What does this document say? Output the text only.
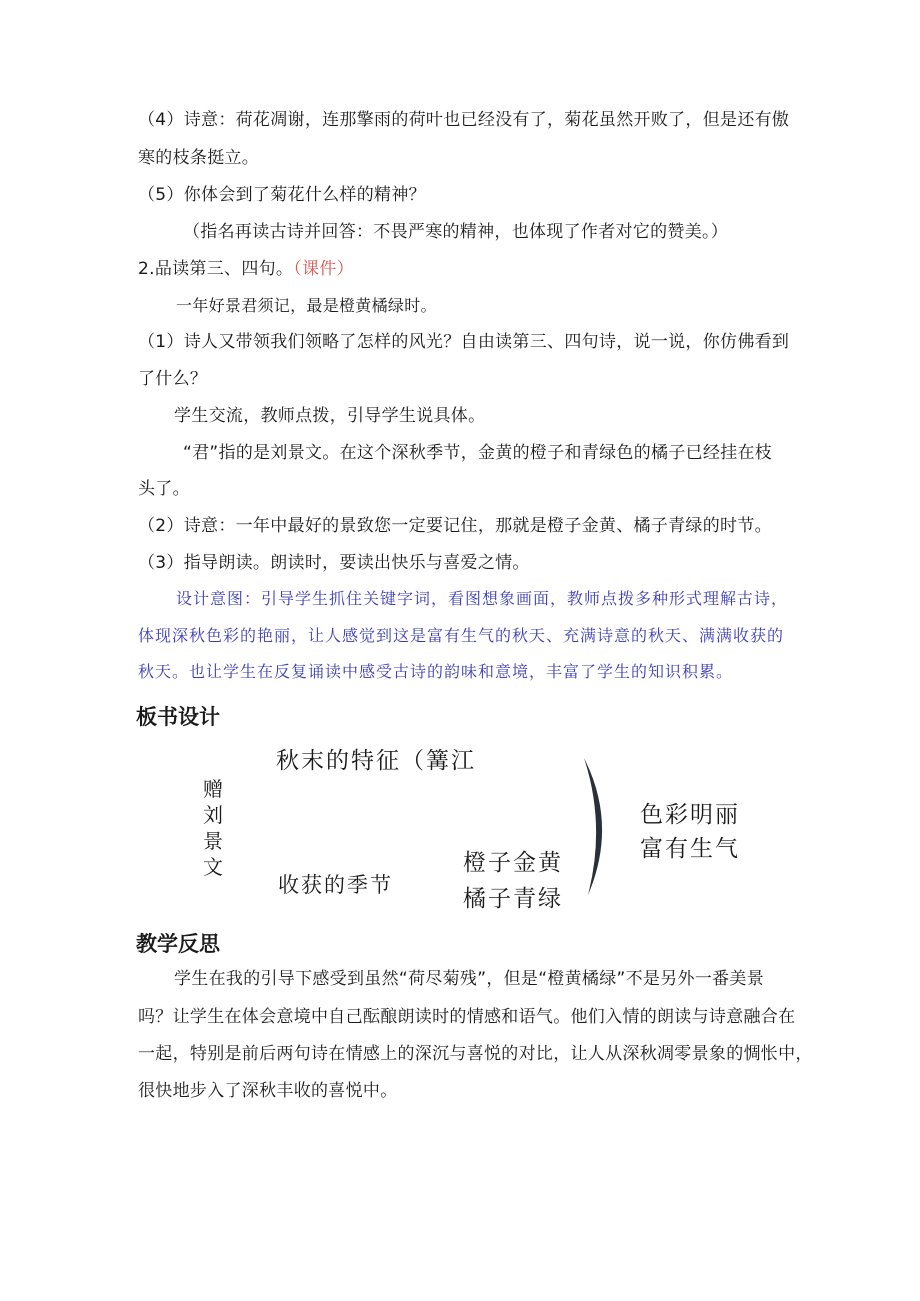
（4）诗意：荷花凋谢，连那擎雨的荷叶也已经没有了，菊花虽然开败了，但是还有傲
寒的枝条挺立。
（5）你体会到了菊花什么样的精神？
（指名再读古诗并回答：不畏严寒的精神，也体现了作者对它的赞美。）
2.品读第三、四句。（课件）
一年好景君须记，最是橙黄橘绿时。
（1）诗人又带领我们领略了怎样的风光？自由读第三、四句诗，说一说，你仿佛看到
了什么？
学生交流，教师点拨，引导学生说具体。
“君”指的是刘景文。在这个深秋季节，金黄的橙子和青绿色的橘子已经挂在枝
头了。
（2）诗意：一年中最好的景致您一定要记住，那就是橙子金黄、橘子青绿的时节。
（3）指导朗读。朗读时，要读出快乐与喜爱之情。
设计意图：引导学生抓住关键字词，看图想象画面，教师点拨多种形式理解古诗，
体现深秋色彩的艳丽，让人感觉到这是富有生气的秋天、充满诗意的秋天、满满收获的
秋天。也让学生在反复诵读中感受古诗的韵味和意境，丰富了学生的知识积累。
板书设计
赠
刘
景
文
秋末的特征（篝江
收获的季节
橙子金黄
橘子青绿
色彩明丽
富有生气
教学反思
学生在我的引导下感受到虽然“荷尽菊残”，但是“橙黄橘绿”不是另外一番美景
吗？让学生在体会意境中自己酝酿朗读时的情感和语气。他们入情的朗读与诗意融合在
一起，特别是前后两句诗在情感上的深沉与喜悦的对比，让人从深秋凋零景象的惆怅中，
很快地步入了深秋丰收的喜悦中。
